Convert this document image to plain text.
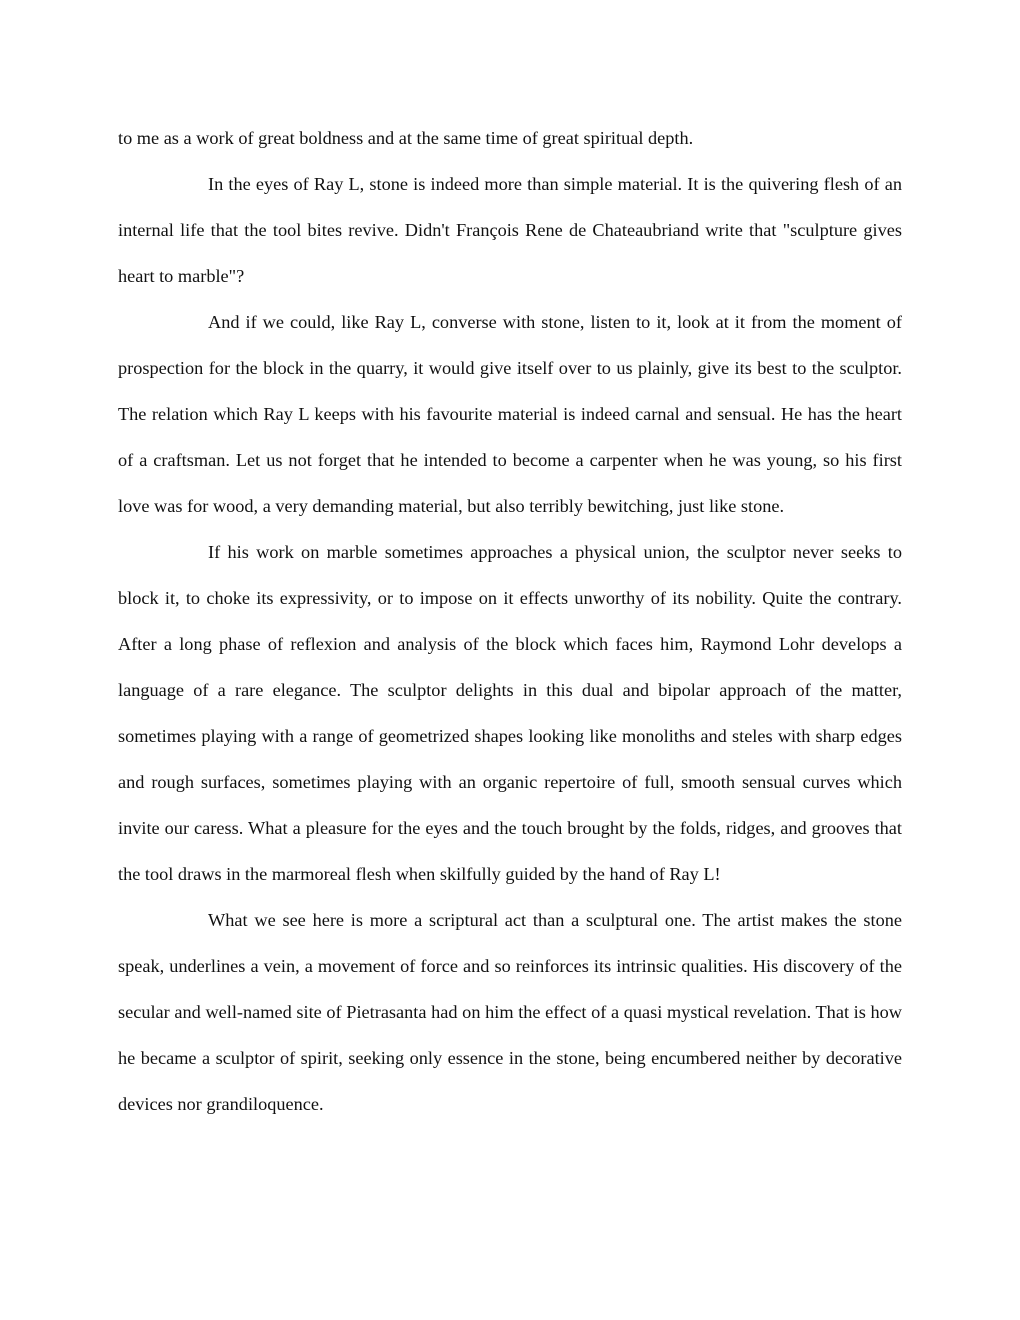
to me as a work of great boldness and at the same time of great spiritual depth.

In the eyes of Ray L, stone is indeed more than simple material. It is the quivering flesh of an internal life that the tool bites revive. Didn't François Rene de Chateaubriand write that "sculpture gives heart to marble"?

And if we could, like Ray L, converse with stone, listen to it, look at it from the moment of prospection for the block in the quarry, it would give itself over to us plainly, give its best to the sculptor. The relation which Ray L keeps with his favourite material is indeed carnal and sensual. He has the heart of a craftsman. Let us not forget that he intended to become a carpenter when he was young, so his first love was for wood, a very demanding material, but also terribly bewitching, just like stone.

If his work on marble sometimes approaches a physical union, the sculptor never seeks to block it, to choke its expressivity, or to impose on it effects unworthy of its nobility. Quite the contrary. After a long phase of reflexion and analysis of the block which faces him, Raymond Lohr develops a language of a rare elegance. The sculptor delights in this dual and bipolar approach of the matter, sometimes playing with a range of geometrized shapes looking like monoliths and steles with sharp edges and rough surfaces, sometimes playing with an organic repertoire of full, smooth sensual curves which invite our caress. What a pleasure for the eyes and the touch brought by the folds, ridges, and grooves that the tool draws in the marmoreal flesh when skilfully guided by the hand of Ray L!

What we see here is more a scriptural act than a sculptural one. The artist makes the stone speak, underlines a vein, a movement of force and so reinforces its intrinsic qualities. His discovery of the secular and well-named site of Pietrasanta had on him the effect of a quasi mystical revelation. That is how he became a sculptor of spirit, seeking only essence in the stone, being encumbered neither by decorative devices nor grandiloquence.
